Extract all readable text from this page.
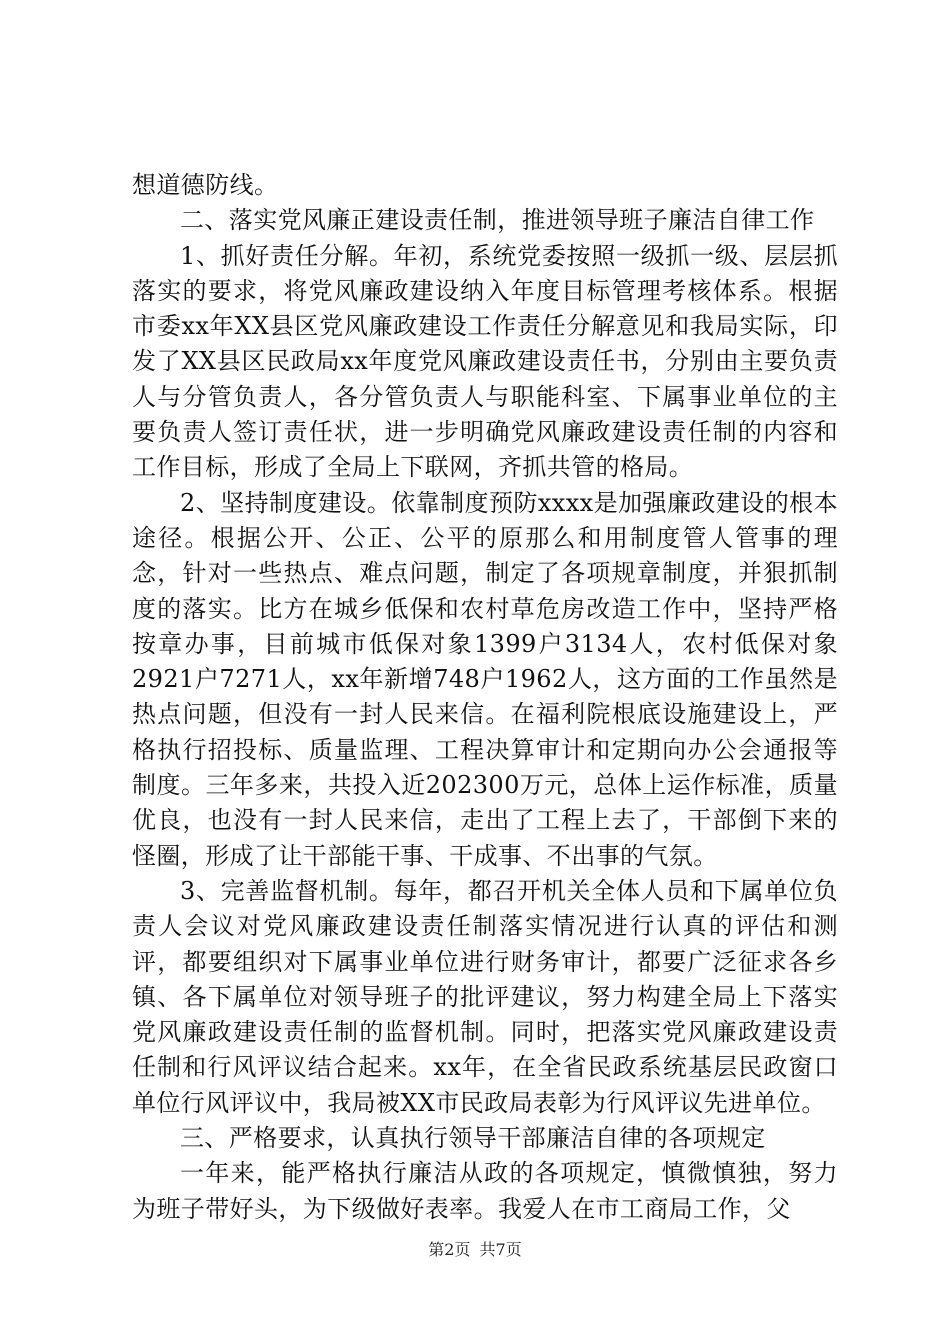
想道德防线。

二、落实党风廉正建设责任制，推进领导班子廉洁自律工作

1、抓好责任分解。年初，系统党委按照一级抓一级、层层抓落实的要求，将党风廉政建设纳入年度目标管理考核体系。根据市委xx年XX县区党风廉政建设工作责任分解意见和我局实际，印发了XX县区民政局xx年度党风廉政建设责任书，分别由主要负责人与分管负责人，各分管负责人与职能科室、下属事业单位的主要负责人签订责任状，进一步明确党风廉政建设责任制的内容和工作目标，形成了全局上下联网，齐抓共管的格局。

2、坚持制度建设。依靠制度预防xxxx是加强廉政建设的根本途径。根据公开、公正、公平的原那么和用制度管人管事的理念，针对一些热点、难点问题，制定了各项规章制度，并狠抓制度的落实。比方在城乡低保和农村草危房改造工作中，坚持严格按章办事，目前城市低保对象1399户3134人，农村低保对象2921户7271人，xx年新增748户1962人，这方面的工作虽然是热点问题，但没有一封人民来信。在福利院根底设施建设上，严格执行招投标、质量监理、工程决算审计和定期向办公会通报等制度。三年多来，共投入近202300万元，总体上运作标准，质量优良，也没有一封人民来信，走出了工程上去了，干部倒下来的怪圈，形成了让干部能干事、干成事、不出事的气氛。

3、完善监督机制。每年，都召开机关全体人员和下属单位负责人会议对党风廉政建设责任制落实情况进行认真的评估和测评，都要组织对下属事业单位进行财务审计，都要广泛征求各乡镇、各下属单位对领导班子的批评建议，努力构建全局上下落实党风廉政建设责任制的监督机制。同时，把落实党风廉政建设责任制和行风评议结合起来。xx年，在全省民政系统基层民政窗口单位行风评议中，我局被XX市民政局表彰为行风评议先进单位。

三、严格要求，认真执行领导干部廉洁自律的各项规定

一年来，能严格执行廉洁从政的各项规定，慎微慎独，努力为班子带好头，为下级做好表率。我爱人在市工商局工作，父

第2页 共7页
